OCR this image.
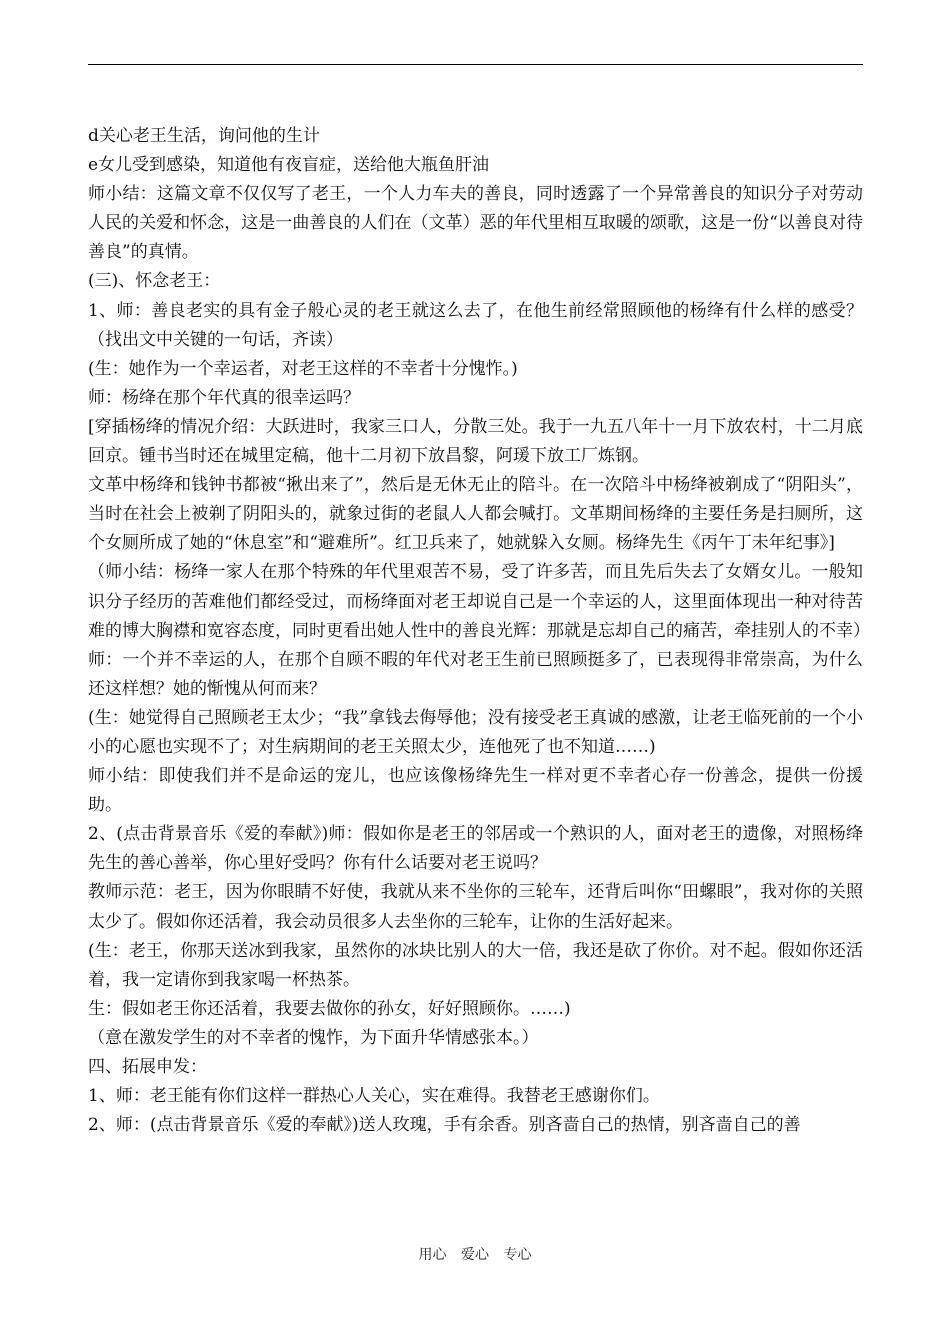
d关心老王生活，询问他的生计

e女儿受到感染，知道他有夜盲症，送给他大瓶鱼肝油

师小结：这篇文章不仅仅写了老王，一个人力车夫的善良，同时透露了一个异常善良的知识分子对劳动人民的关爱和怀念，这是一曲善良的人们在（文革）恶的年代里相互取暖的颂歌，这是一份“以善良对待善良”的真情。

(三)、怀念老王：

1、师：善良老实的具有金子般心灵的老王就这么去了，在他生前经常照顾他的杨绛有什么样的感受？（找出文中关键的一句话，齐读）

(生：她作为一个幸运者，对老王这样的不幸者十分愧怍。)

师：杨绛在那个年代真的很幸运吗？

[穿插杨绛的情况介绍：大跃进时，我家三口人，分散三处。我于一九五八年十一月下放农村，十二月底回京。锺书当时还在城里定稿，他十二月初下放昌黎，阿瑗下放工厂炼钢。

文革中杨绛和钱钟书都被“揪出来了”，然后是无休无止的陪斗。在一次陪斗中杨绛被剃成了“阴阳头”，当时在社会上被剃了阴阳头的，就象过街的老鼠人人都会喊打。文革期间杨绛的主要任务是扫厕所，这个女厕所成了她的“休息室”和“避难所”。红卫兵来了，她就躲入女厕。杨绛先生《丙午丁未年纪事》]

（师小结：杨绛一家人在那个特殊的年代里艰苦不易，受了许多苦，而且先后失去了女婿女儿。一般知识分子经历的苦难他们都经受过，而杨绛面对老王却说自己是一个幸运的人，这里面体现出一种对待苦难的博大胸襟和宽容态度，同时更看出她人性中的善良光辉：那就是忘却自己的痛苦，牵挂别人的不幸）

师：一个并不幸运的人，在那个自顾不暇的年代对老王生前已照顾挺多了，已表现得非常崇高，为什么还这样想？她的惭愧从何而来？

(生：她觉得自己照顾老王太少；“我”拿钱去侮辱他；没有接受老王真诚的感激，让老王临死前的一个小小的心愿也实现不了；对生病期间的老王关照太少，连他死了也不知道……)

师小结：即使我们并不是命运的宠儿，也应该像杨绛先生一样对更不幸者心存一份善念，提供一份援助。

2、(点击背景音乐《爱的奉献》)师：假如你是老王的邻居或一个熟识的人，面对老王的遗像，对照杨绛先生的善心善举，你心里好受吗？你有什么话要对老王说吗？

教师示范：老王，因为你眼睛不好使，我就从来不坐你的三轮车，还背后叫你“田螺眼”，我对你的关照太少了。假如你还活着，我会动员很多人去坐你的三轮车，让你的生活好起来。

(生：老王，你那天送冰到我家，虽然你的冰块比别人的大一倍，我还是砍了你价。对不起。假如你还活着，我一定请你到我家喝一杯热茶。

生：假如老王你还活着，我要去做你的孙女，好好照顾你。……)

（意在激发学生的对不幸者的愧怍，为下面升华情感张本。）

四、拓展申发：

1、师：老王能有你们这样一群热心人关心，实在难得。我替老王感谢你们。

2、师：(点击背景音乐《爱的奉献》)送人玫瑰，手有余香。别吝啬自己的热情，别吝啬自己的善

用心 爱心 专心
